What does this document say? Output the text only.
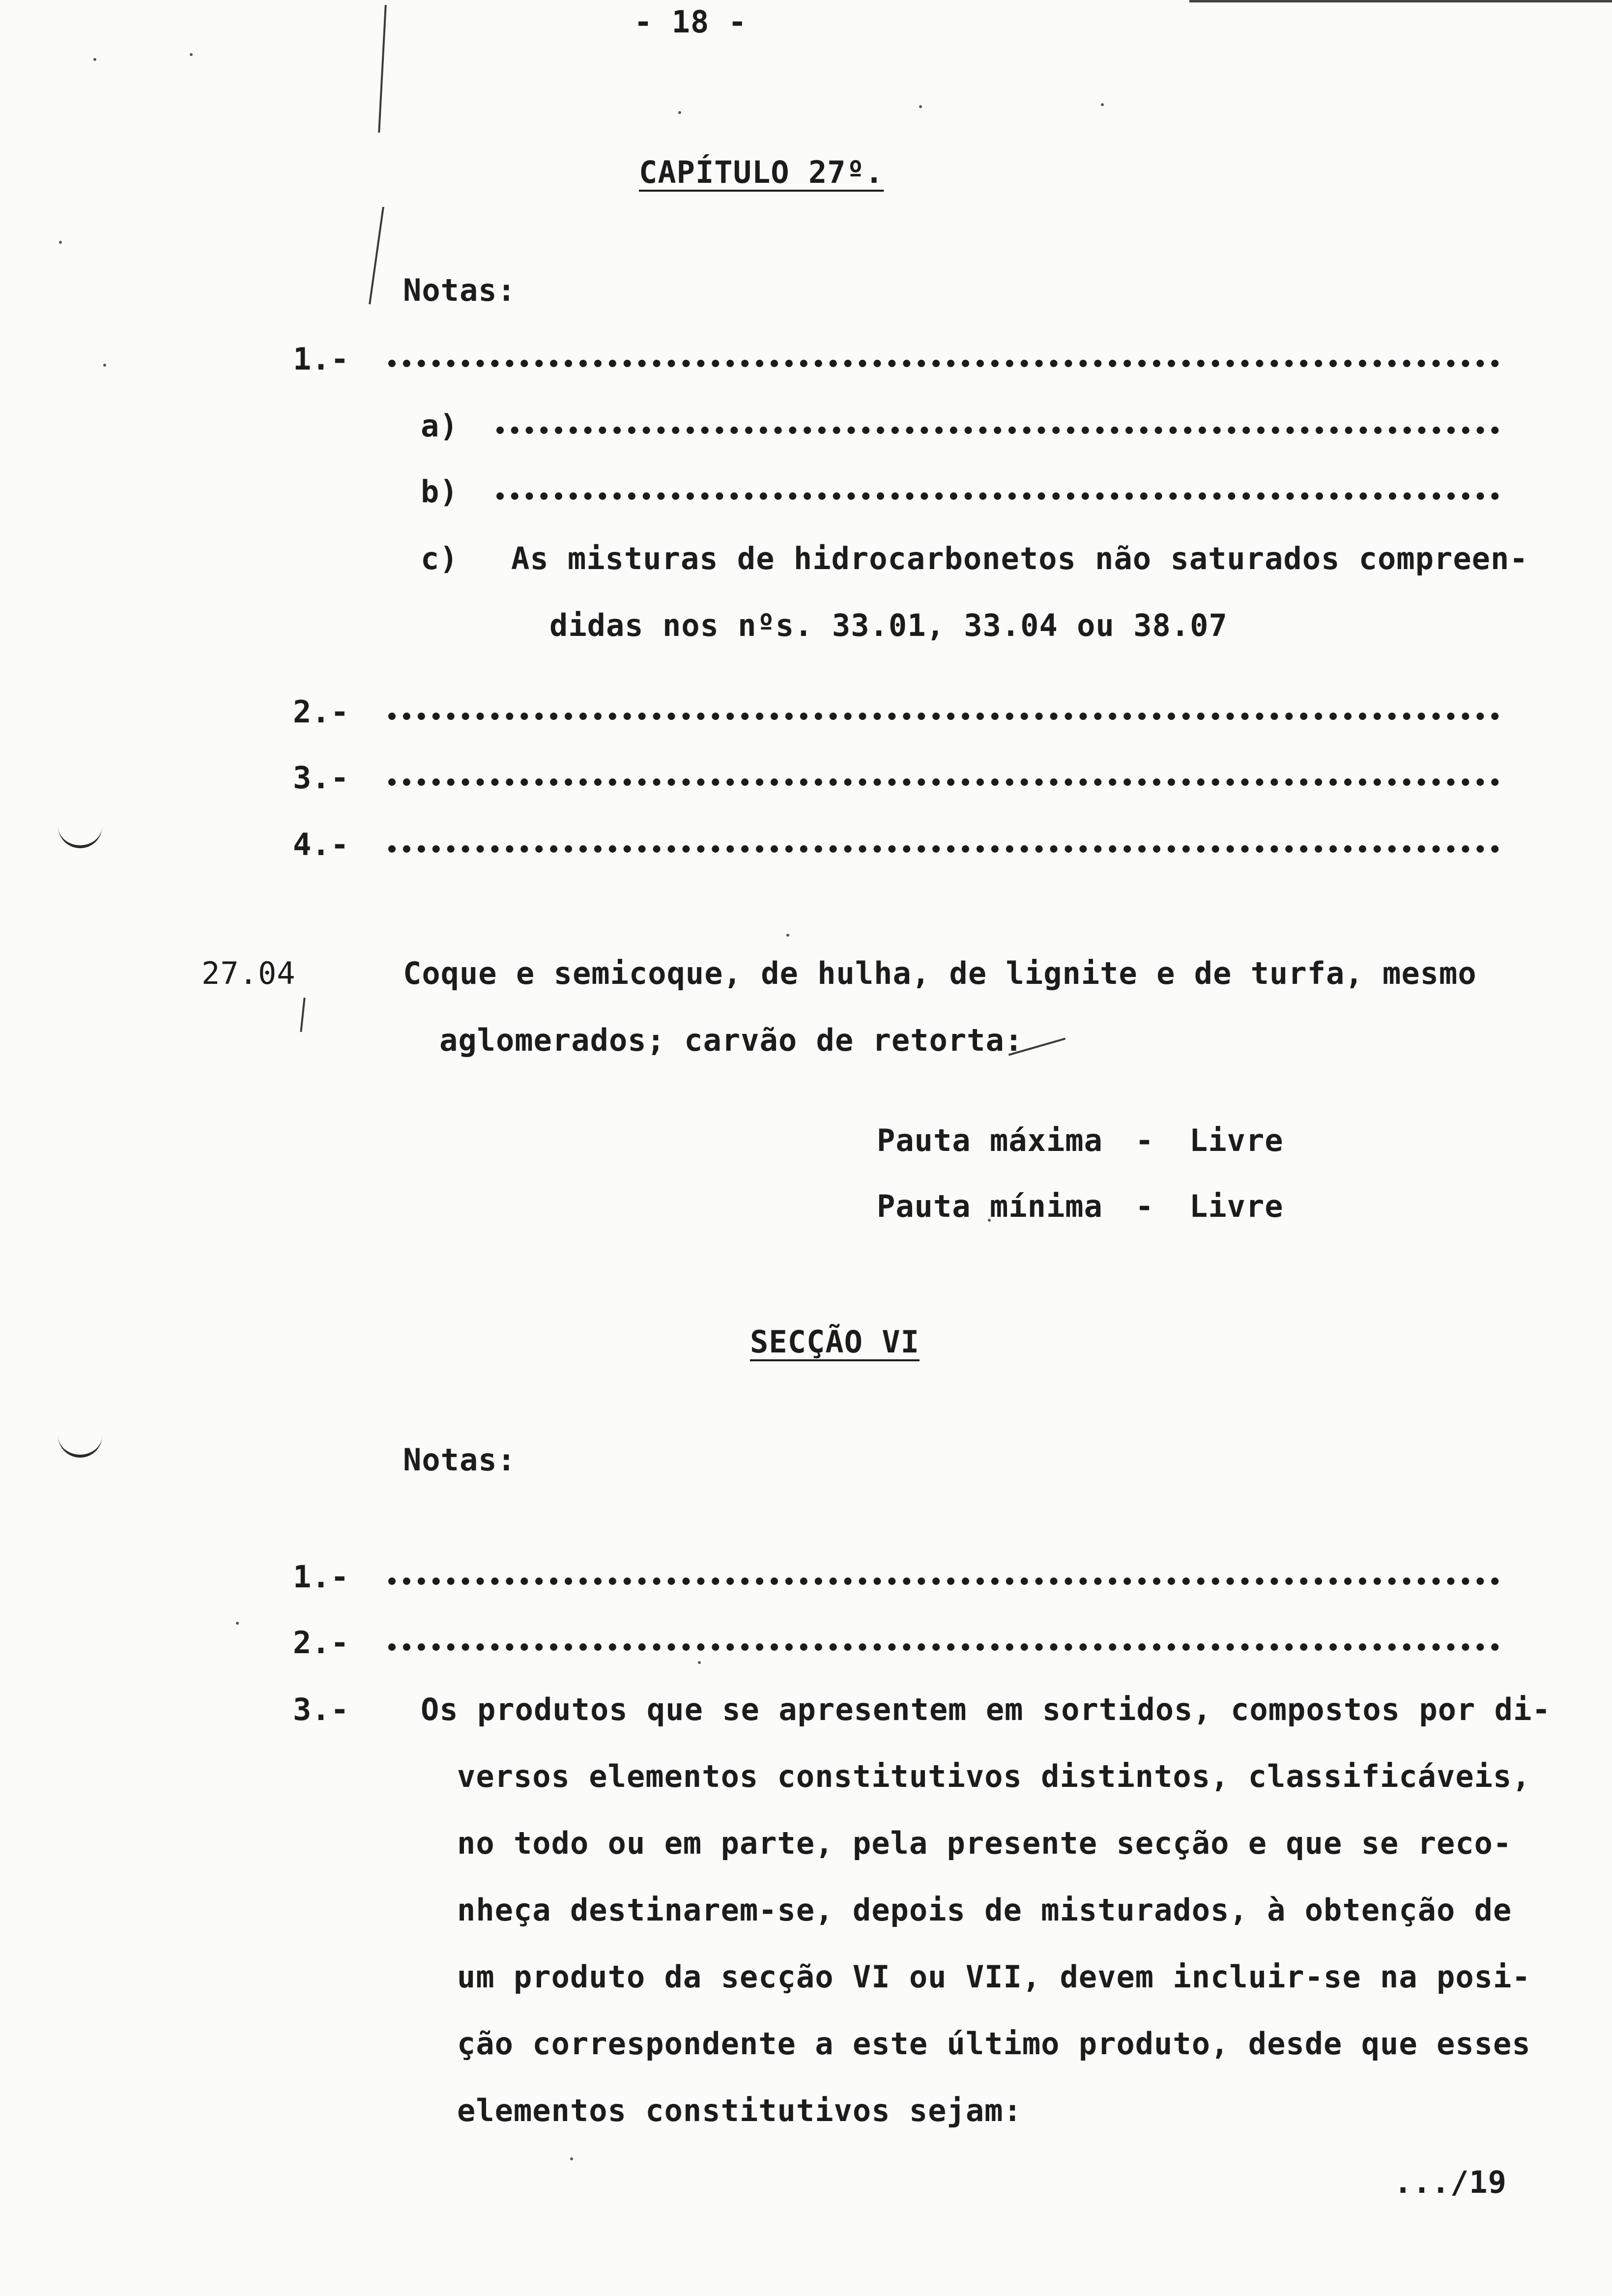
- 18 -
CAPÍTULO 27º.
Notas:
1.-
a)
b)
c) As misturas de hidrocarbonetos não saturados compreen-
didas nos nºs. 33.01, 33.04 ou 38.07
2.-
3.-
4.-
27.04	Coque e semicoque, de hulha, de lignite e de turfa, mesmo
aglomerados; carvão de retorta:
Pauta máxima - Livre
Pauta mínima - Livre
SECÇÃO VI
Notas:
1.-
2.-
3.- Os produtos que se apresentem em sortidos, compostos por di-
versos elementos constitutivos distintos, classificáveis,
no todo ou em parte, pela presente secção e que se reco-
nheça destinarem-se, depois de misturados, à obtenção de
um produto da secção VI ou VII, devem incluir-se na posi-
ção correspondente a este último produto, desde que esses
elementos constitutivos sejam:
.../19
